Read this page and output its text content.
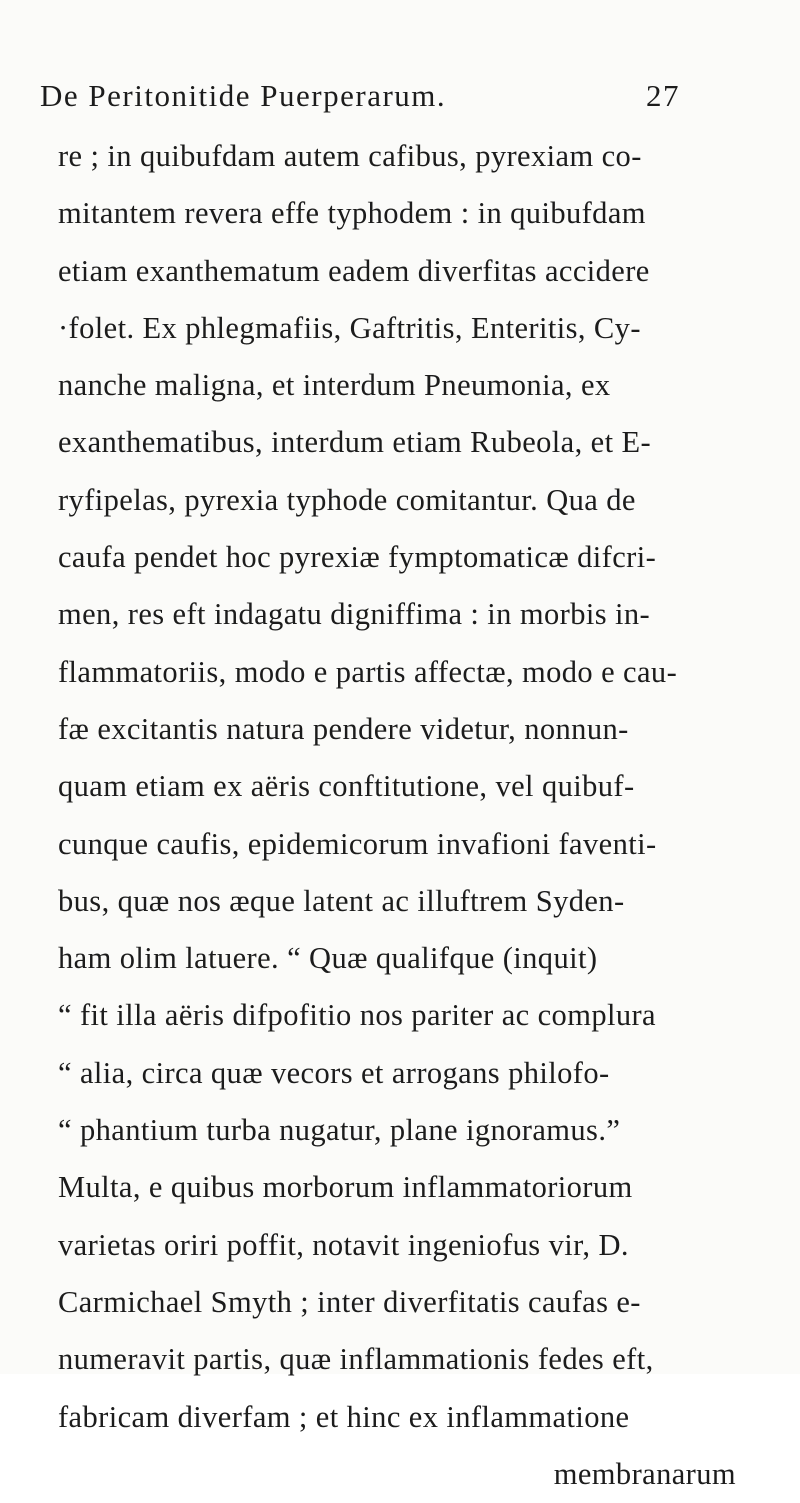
De Peritonitide Puerperarum.	27
re ; in quibufdam autem cafibus, pyrexiam co-
mitantem revera effe typhodem : in quibufdam
etiam exanthematum eadem diverfitas accidere
·folet. Ex phlegmafiis, Gaftritis, Enteritis, Cy-
nanche maligna, et interdum Pneumonia, ex
exanthematibus, interdum etiam Rubeola, et E-
ryfipelas, pyrexia typhode comitantur. Qua de
caufa pendet hoc pyrexiæ fymptomaticæ difcri-
men, res eft indagatu digniffima : in morbis in-
flammatoriis, modo e partis affectæ, modo e cau-
fæ excitantis natura pendere videtur, nonnun-
quam etiam ex aëris conftitutione, vel quibuf-
cunque caufis, epidemicorum invafioni faventi-
bus, quæ nos æque latent ac illuftrem Syden-
ham olim latuere. “ Quæ qualifque (inquit)
“ fit illa aëris difpofitio nos pariter ac complura
“ alia, circa quæ vecors et arrogans philofo-
“ phantium turba nugatur, plane ignoramus.”
Multa, e quibus morborum inflammatoriorum
varietas oriri poffit, notavit ingeniofus vir, D.
Carmichael Smyth ; inter diverfitatis caufas e-
numeravit partis, quæ inflammationis fedes eft,
fabricam diverfam ; et hinc ex inflammatione
membranarum
